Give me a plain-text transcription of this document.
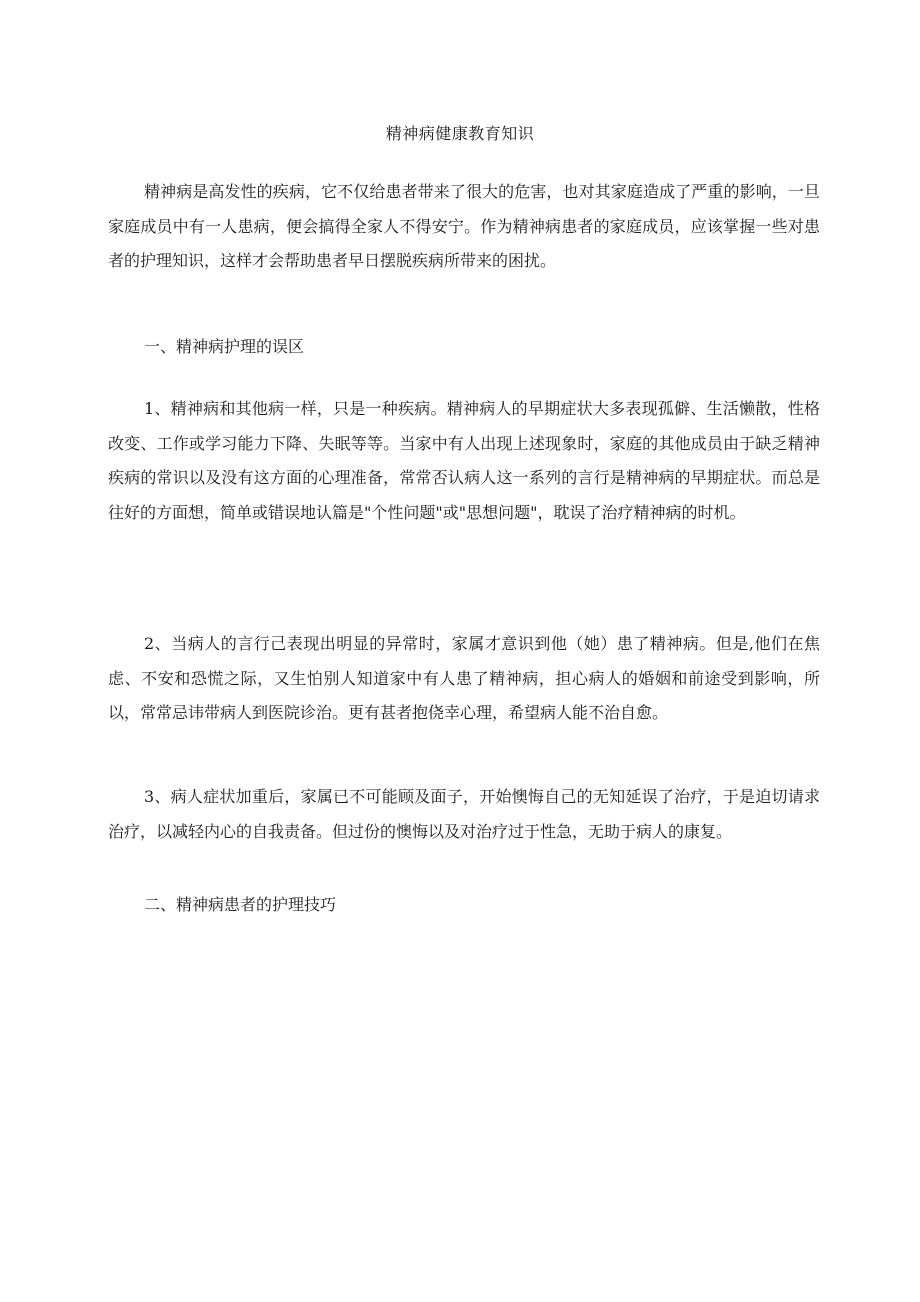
精神病健康教育知识

精神病是高发性的疾病，它不仅给患者带来了很大的危害，也对其家庭造成了严重的影响，一旦家庭成员中有一人患病，便会搞得全家人不得安宁。作为精神病患者的家庭成员，应该掌握一些对患者的护理知识，这样才会帮助患者早日摆脱疾病所带来的困扰。

一、精神病护理的误区

1、精神病和其他病一样，只是一种疾病。精神病人的早期症状大多表现孤僻、生活懒散，性格改变、工作或学习能力下降、失眠等等。当家中有人出现上述现象时，家庭的其他成员由于缺乏精神疾病的常识以及没有这方面的心理准备，常常否认病人这一系列的言行是精神病的早期症状。而总是往好的方面想，简单或错误地认篇是"个性问题"或"思想问题"，耽误了治疗精神病的时机。

2、当病人的言行己表现出明显的异常时，家属才意识到他（她）患了精神病。但是,他们在焦虑、不安和恐慌之际，又生怕别人知道家中有人患了精神病，担心病人的婚姻和前途受到影响，所以，常常忌讳带病人到医院诊治。更有甚者抱侥幸心理，希望病人能不治自愈。

3、病人症状加重后，家属已不可能顾及面子，开始懊悔自己的无知延误了治疗，于是迫切请求治疗，以减轻内心的自我责备。但过份的懊悔以及对治疗过于性急，无助于病人的康复。

二、精神病患者的护理技巧
